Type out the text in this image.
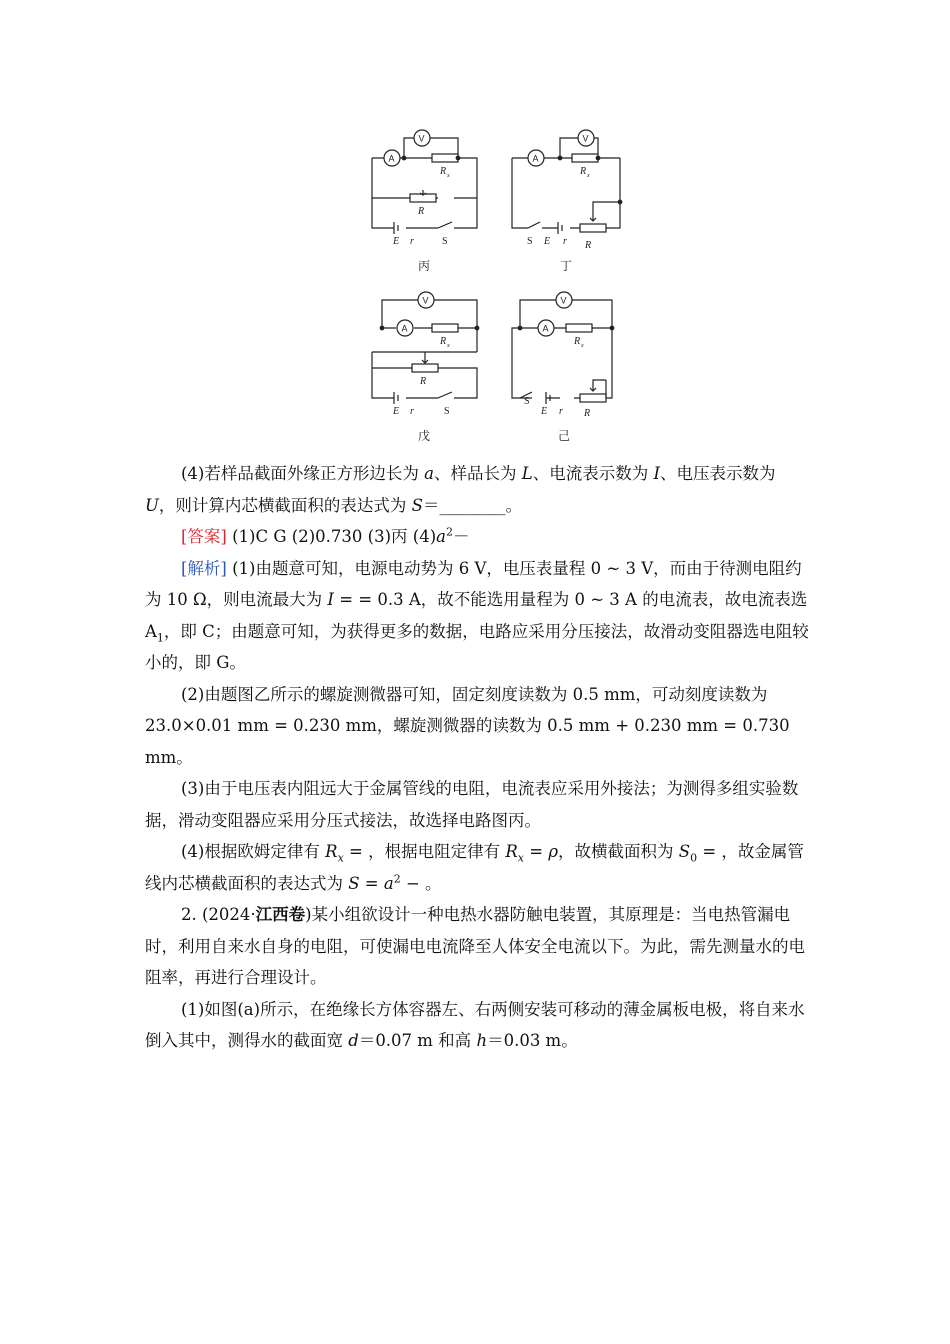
A
V
A
V
A
V
A
V
R x
R
E r	S
R x
S E r R
R x
R
E r	S
R x
S
E r R
丙	丁
戊	己

(4)若样品截面外缘正方形边长为 a、样品长为 L、电流表示数为 I、电压表示数为 U，则计算内芯横截面积的表达式为 S＝________。

[答案] (1)C G (2)0.730 (3)丙 $(4)a^2-$

[解析] (1)由题意可知，电源电动势为 6 V，电压表量程 0 ~ 3 V，而由于待测电阻约为 10 Ω，则电流最大为 I = = 0.3 A，故不能选用量程为 0 ~ 3 A 的电流表，故电流表选 $A_1$，即 C；由题意可知，为获得更多的数据，电路应采用分压接法，故滑动变阻器选电阻较小的，即 G。

(2)由题图乙所示的螺旋测微器可知，固定刻度读数为 0.5 mm，可动刻度读数为 23.0×0.01 mm = 0.230 mm，螺旋测微器的读数为 0.5 mm + 0.230 mm = 0.730 mm。

(3)由于电压表内阻远大于金属管线的电阻，电流表应采用外接法；为测得多组实验数据，滑动变阻器应采用分压式接法，故选择电路图丙。

(4)根据欧姆定律有 $R_x$ = ，根据电阻定律有 $R_x = \rho$，故横截面积为 $S_0$ = ，故金属管线内芯横截面积的表达式为 $S = a^2$ − 。

2. (2024·江西卷)某小组欲设计一种电热水器防触电装置，其原理是：当电热管漏电时，利用自来水自身的电阻，可使漏电电流降至人体安全电流以下。为此，需先测量水的电阻率，再进行合理设计。

(1)如图(a)所示，在绝缘长方体容器左、右两侧安装可移动的薄金属板电极，将自来水倒入其中，测得水的截面宽 d＝0.07 m 和高 h＝0.03 m。
